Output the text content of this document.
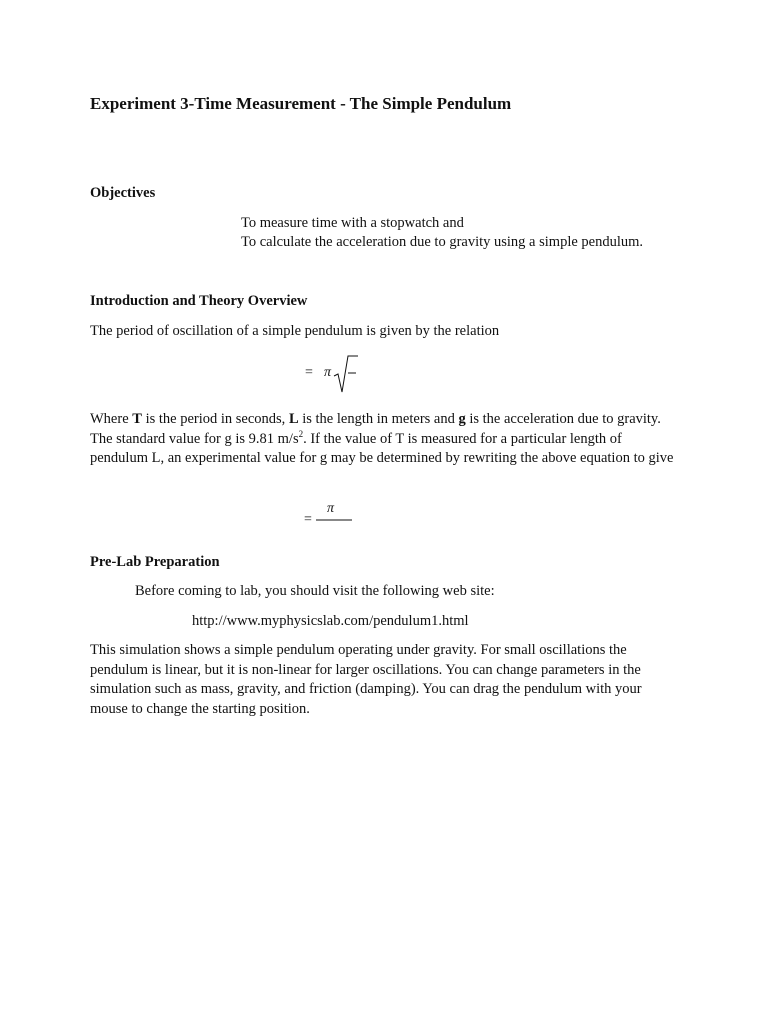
Experiment 3-Time Measurement - The Simple Pendulum
Objectives
To measure time with a stopwatch and
To calculate the acceleration due to gravity using a simple pendulum.
Introduction and Theory Overview
The period of oscillation of a simple pendulum is given by the relation
= π
Where T is the period in seconds, L is the length in meters and g is the acceleration due to gravity. The standard value for g is 9.81 $m/s^2$. If the value of T is measured for a particular length of pendulum L, an experimental value for g may be determined by rewriting the above equation to give
=
π
Pre-Lab Preparation
Before coming to lab, you should visit the following web site:
http://www.myphysicslab.com/pendulum1.html
This simulation shows a simple pendulum operating under gravity. For small oscillations the pendulum is linear, but it is non-linear for larger oscillations. You can change parameters in the simulation such as mass, gravity, and friction (damping). You can drag the pendulum with your mouse to change the starting position.
